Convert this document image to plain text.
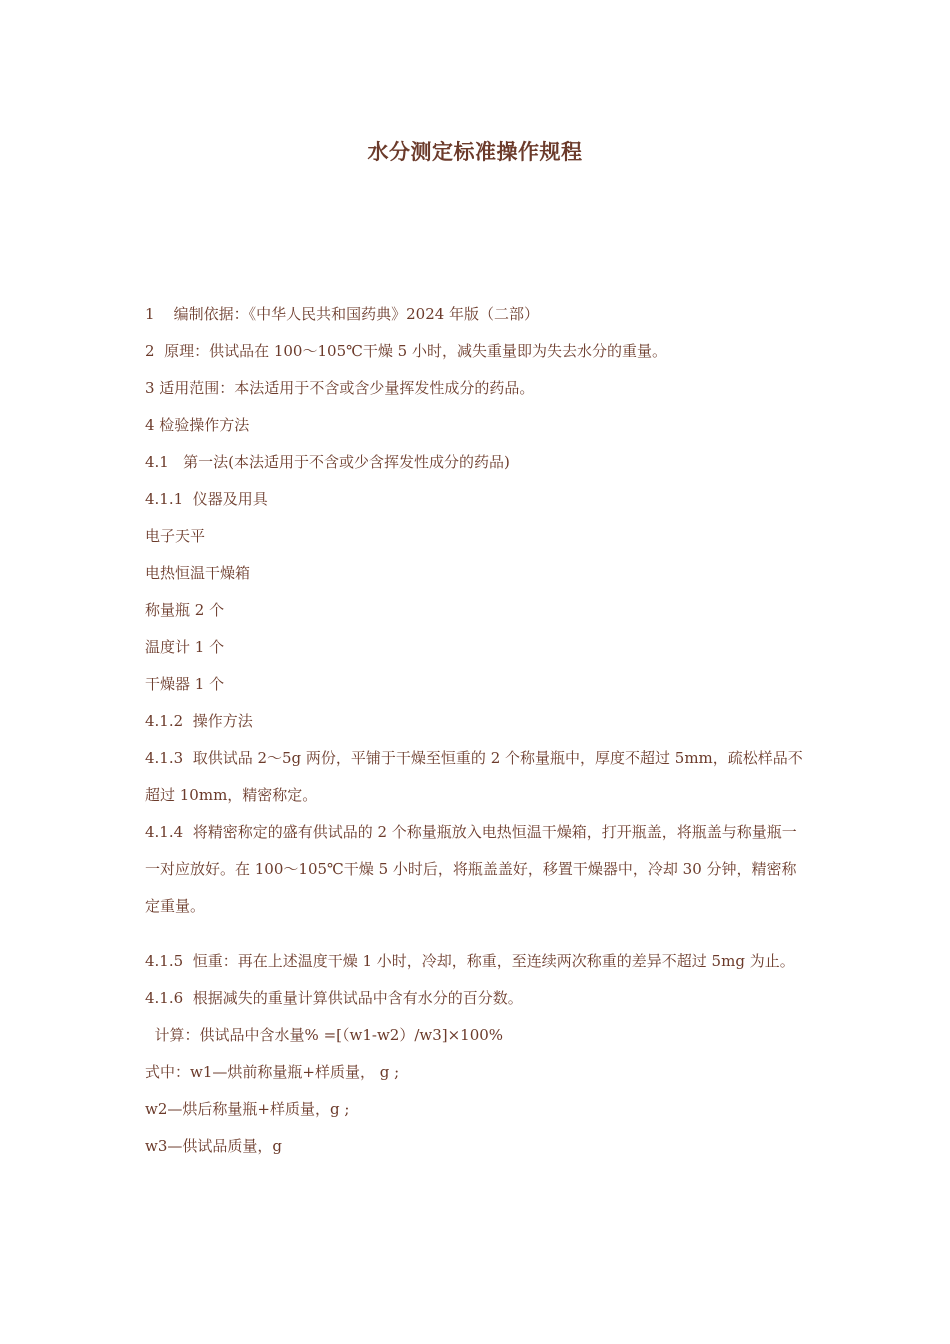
水分测定标准操作规程

1    编制依据：《中华人民共和国药典》2024 年版（二部）

2  原理：供试品在 100～105℃干燥 5 小时，减失重量即为失去水分的重量。

3 适用范围：本法适用于不含或含少量挥发性成分的药品。

4 检验操作方法

4.1   第一法(本法适用于不含或少含挥发性成分的药品)

4.1.1  仪器及用具

电子天平

电热恒温干燥箱

称量瓶 2 个

温度计 1 个

干燥器 1 个

4.1.2  操作方法

4.1.3  取供试品 2～5g 两份，平铺于干燥至恒重的 2 个称量瓶中，厚度不超过 5mm，疏松样品不超过 10mm，精密称定。

4.1.4  将精密称定的盛有供试品的 2 个称量瓶放入电热恒温干燥箱，打开瓶盖，将瓶盖与称量瓶一一对应放好。在 100～105℃干燥 5 小时后，将瓶盖盖好，移置干燥器中，冷却 30 分钟，精密称定重量。

4.1.5  恒重：再在上述温度干燥 1 小时，冷却，称重，至连续两次称重的差异不超过 5mg 为止。

4.1.6  根据减失的重量计算供试品中含有水分的百分数。

计算：供试品中含水量% =[（w1-w2）/w3]×100%

式中：w1—烘前称量瓶+样质量， g ;

w2—烘后称量瓶+样质量，g ;

w3—供试品质量，g
